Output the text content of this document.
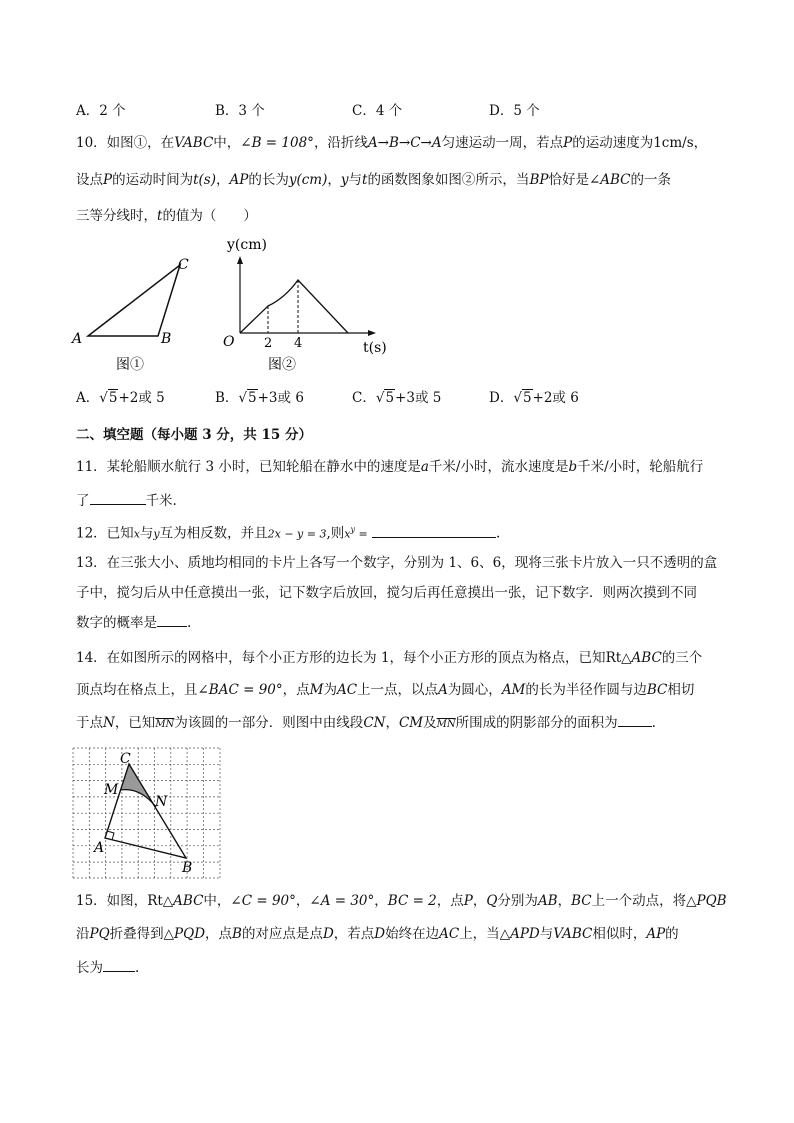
A．2 个	B．3 个	C．4 个	D．5 个
10．如图①，在VABC中，∠B = 108°，沿折线A→B→C→A匀速运动一周，若点P的运动速度为1cm/s，
设点P的运动时间为t(s)，AP的长为y(cm)，y与t的函数图象如图②所示，当BP恰好是∠ABC的一条
三等分线时，t的值为（　　）
A	B
C
图①
y(cm)
O 2 4	t(s)
图②
A．√5+2或 5	B．√5+3或 6	C．√5+3或 5	D．√5+2或 6
二、填空题（每小题 3 分，共 15 分）
11．某轮船顺水航行 3 小时，已知轮船在静水中的速度是a千米/小时，流水速度是b千米/小时，轮船航行
了	千米.
12．已知x与y互为相反数，并且2x − y = 3,则$x^y$ =	.
13．在三张大小、质地均相同的卡片上各写一个数字，分别为 1、6、6，现将三张卡片放入一只不透明的盒
子中，搅匀后从中任意摸出一张，记下数字后放回，搅匀后再任意摸出一张，记下数字．则两次摸到不同
数字的概率是 .
14．在如图所示的网格中，每个小正方形的边长为 1，每个小正方形的顶点为格点，已知Rt△ABC的三个
顶点均在格点上，且∠BAC = 90°，点M为AC上一点，以点A为圆心，AM的长为半径作圆与边BC相切
于点N，已知$\overline{MN}$为该圆的一部分．则图中由线段CN，CM及$\overline{MN}$所围成的阴影部分的面积为	.
C
M
N
A
B
15．如图，Rt△ABC中，∠C = 90°，∠A = 30°，BC = 2，点P，Q分别为AB，BC上一个动点，将△PQB
沿PQ折叠得到△PQD，点B的对应点是点D，若点D始终在边AC上，当△APD与VABC相似时，AP的
长为 .
